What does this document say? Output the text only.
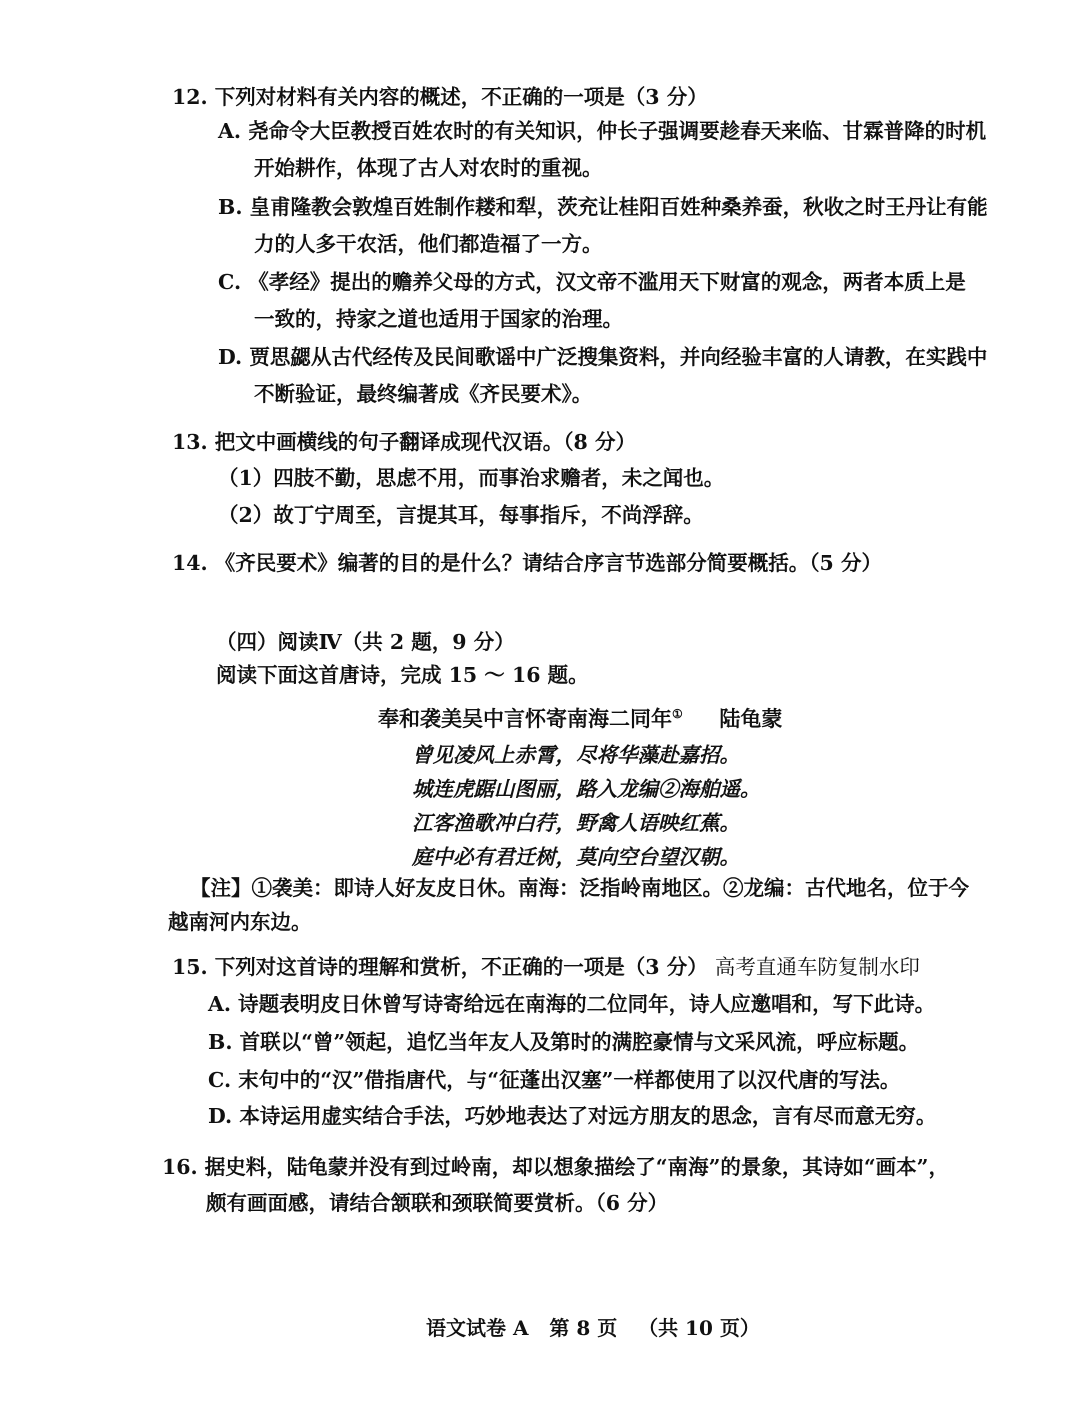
12. 下列对材料有关内容的概述，不正确的一项是（3 分）
A. 尧命令大臣教授百姓农时的有关知识，仲长子强调要趁春天来临、甘霖普降的时机
开始耕作，体现了古人对农时的重视。
B. 皇甫隆教会敦煌百姓制作耧和犁，茨充让桂阳百姓种桑养蚕，秋收之时王丹让有能
力的人多干农活，他们都造福了一方。
C. 《孝经》提出的赡养父母的方式，汉文帝不滥用天下财富的观念，两者本质上是
一致的，持家之道也适用于国家的治理。
D. 贾思勰从古代经传及民间歌谣中广泛搜集资料，并向经验丰富的人请教，在实践中
不断验证，最终编著成《齐民要术》。
13. 把文中画横线的句子翻译成现代汉语。（8 分）
（1）四肢不勤，思虑不用，而事治求赡者，未之闻也。
（2）故丁宁周至，言提其耳，每事指斥，不尚浮辞。
14. 《齐民要术》编著的目的是什么？请结合序言节选部分简要概括。（5 分）
（四）阅读Ⅳ（共 2 题，9 分）
阅读下面这首唐诗，完成 15 ～ 16 题。
奉和袭美吴中言怀寄南海二同年① 陆龟蒙
曾见凌风上赤霄，尽将华藻赴嘉招。
城连虎踞山图丽，路入龙编②海舶遥。
江客渔歌冲白荇，野禽人语映红蕉。
庭中必有君迁树，莫向空台望汉朝。
【注】①袭美：即诗人好友皮日休。南海：泛指岭南地区。②龙编：古代地名，位于今
越南河内东边。
15. 下列对这首诗的理解和赏析，不正确的一项是（3 分） 高考直通车防复制水印
A. 诗题表明皮日休曾写诗寄给远在南海的二位同年，诗人应邀唱和，写下此诗。
B. 首联以“曾”领起，追忆当年友人及第时的满腔豪情与文采风流，呼应标题。
C. 末句中的“汉”借指唐代，与“征蓬出汉塞”一样都使用了以汉代唐的写法。
D. 本诗运用虚实结合手法，巧妙地表达了对远方朋友的思念，言有尽而意无穷。
16. 据史料，陆龟蒙并没有到过岭南，却以想象描绘了“南海”的景象，其诗如“画本”，
颇有画面感，请结合颔联和颈联简要赏析。（6 分）
语文试卷 A   第 8 页   （共 10 页）
